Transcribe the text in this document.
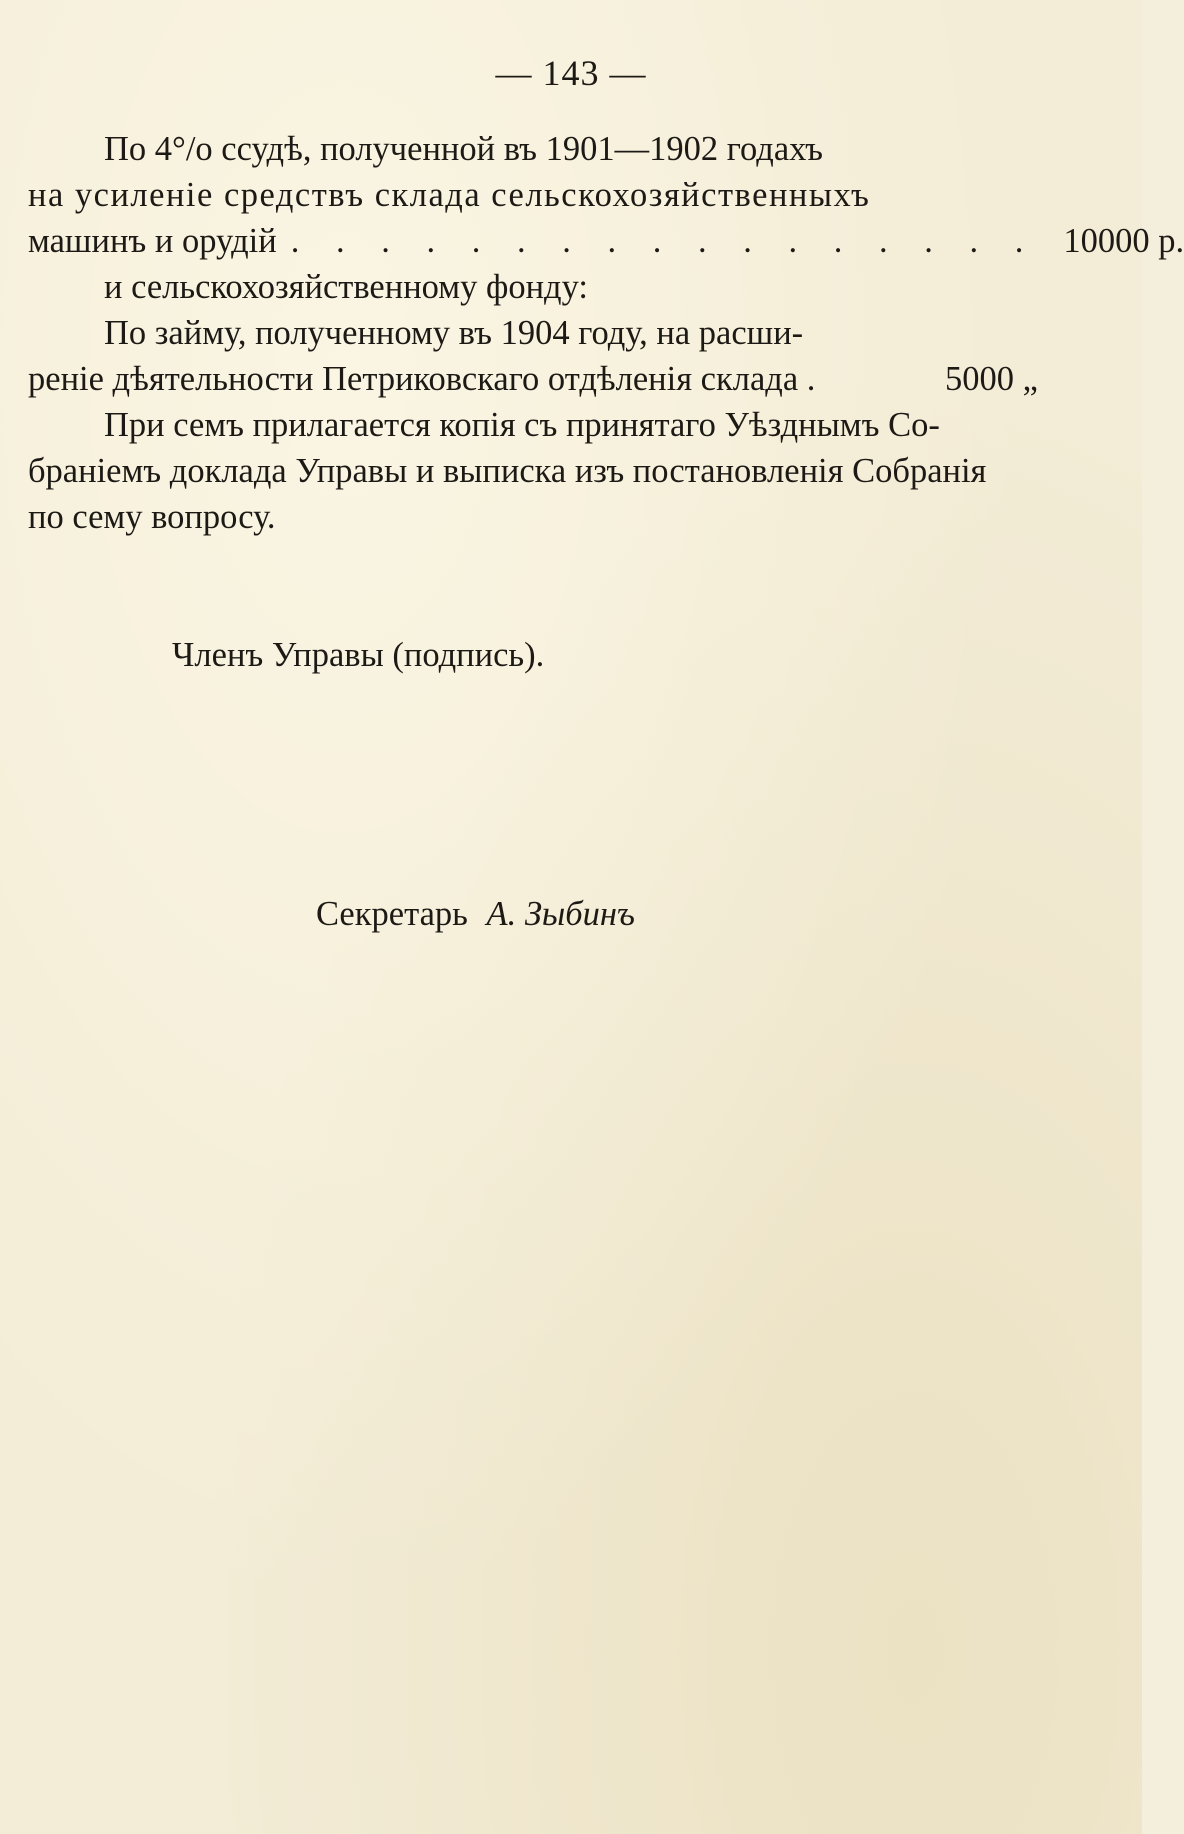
— 143 —
По 4°/о ссудѣ, полученной въ 1901—1902 годахъ
на усиленіе средствъ склада сельскохозяйственныхъ
машинъ и орудій . . . . . . . . . . . . . . . . . 10000 р.
и сельскохозяйственному фонду:
По займу, полученному въ 1904 году, на расши-
реніе дѣятельности Петриковскаго отдѣленія склада .	5000 „
При семъ прилагается копія съ принятаго Уѣзднымъ Со-
браніемъ доклада Управы и выписка изъ постановленія Собранія
по сему вопросу.
Членъ Управы (подпись).
Секретарь А. Зыбинъ
